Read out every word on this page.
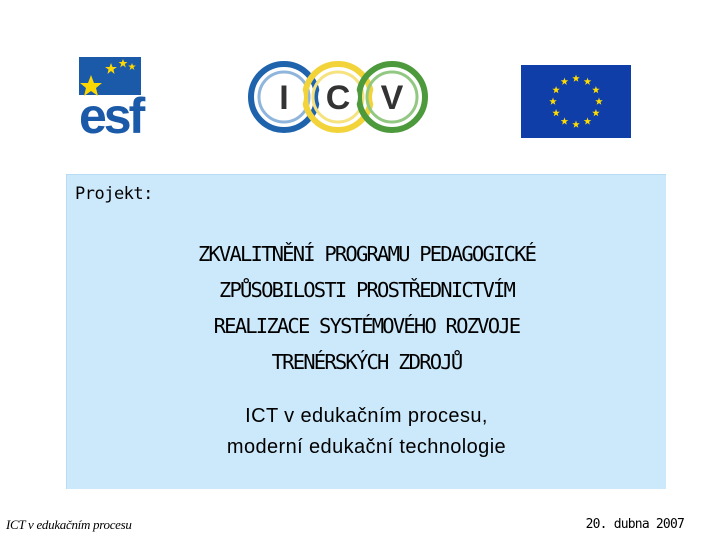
esf	I C V
Projekt:
ZKVALITNĚNÍ PROGRAMU PEDAGOGICKÉ
ZPŮSOBILOSTI PROSTŘEDNICTVÍM
REALIZACE SYSTÉMOVÉHO ROZVOJE
TRENÉRSKÝCH ZDROJŮ
ICT v edukačním procesu,
moderní edukační technologie
ICT v edukačním procesu	20. dubna 2007
